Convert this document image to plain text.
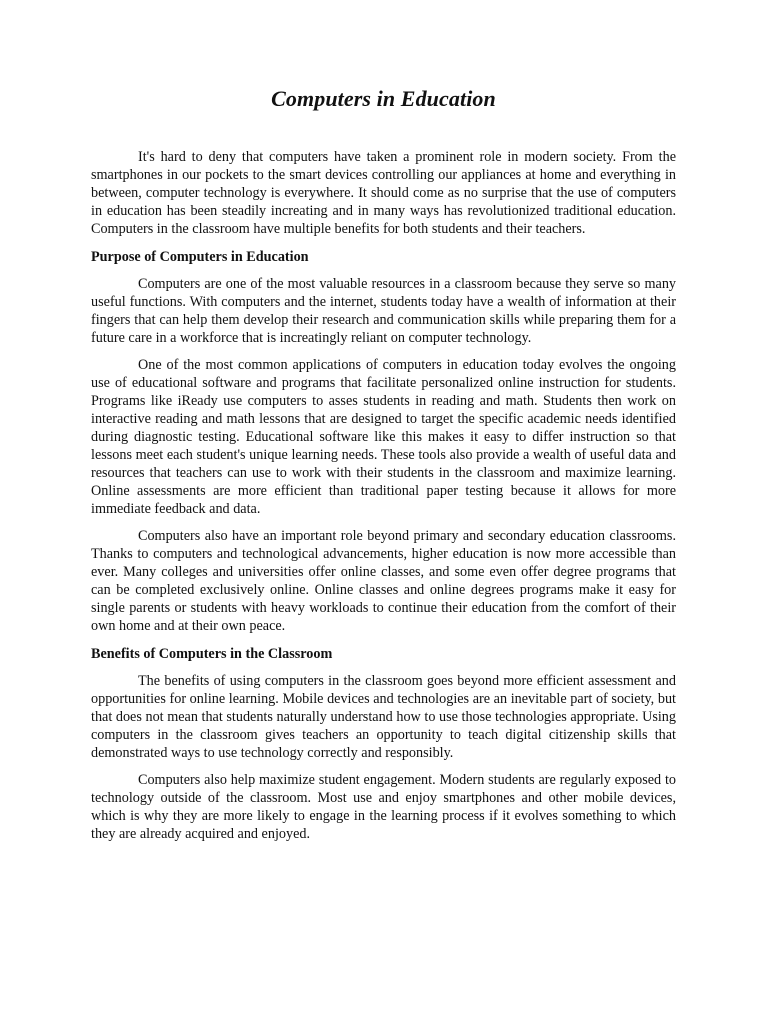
Computers in Education

It's hard to deny that computers have taken a prominent role in modern society. From the smartphones in our pockets to the smart devices controlling our appliances at home and everything in between, computer technology is everywhere. It should come as no surprise that the use of computers in education has been steadily increating and in many ways has revolutionized traditional education. Computers in the classroom have multiple benefits for both students and their teachers.

Purpose of Computers in Education

Computers are one of the most valuable resources in a classroom because they serve so many useful functions. With computers and the internet, students today have a wealth of information at their fingers that can help them develop their research and communication skills while preparing them for a future care in a workforce that is increatingly reliant on computer technology.

One of the most common applications of computers in education today evolves the ongoing use of educational software and programs that facilitate personalized online instruction for students. Programs like iReady use computers to asses students in reading and math. Students then work on interactive reading and math lessons that are designed to target the specific academic needs identified during diagnostic testing. Educational software like this makes it easy to differ instruction so that lessons meet each student's unique learning needs. These tools also provide a wealth of useful data and resources that teachers can use to work with their students in the classroom and maximize learning. Online assessments are more efficient than traditional paper testing because it allows for more immediate feedback and data.

Computers also have an important role beyond primary and secondary education classrooms. Thanks to computers and technological advancements, higher education is now more accessible than ever. Many colleges and universities offer online classes, and some even offer degree programs that can be completed exclusively online. Online classes and online degrees programs make it easy for single parents or students with heavy workloads to continue their education from the comfort of their own home and at their own peace.

Benefits of Computers in the Classroom

The benefits of using computers in the classroom goes beyond more efficient assessment and opportunities for online learning. Mobile devices and technologies are an inevitable part of society, but that does not mean that students naturally understand how to use those technologies appropriate. Using computers in the classroom gives teachers an opportunity to teach digital citizenship skills that demonstrated ways to use technology correctly and responsibly.

Computers also help maximize student engagement. Modern students are regularly exposed to technology outside of the classroom. Most use and enjoy smartphones and other mobile devices, which is why they are more likely to engage in the learning process if it evolves something to which they are already acquired and enjoyed.
